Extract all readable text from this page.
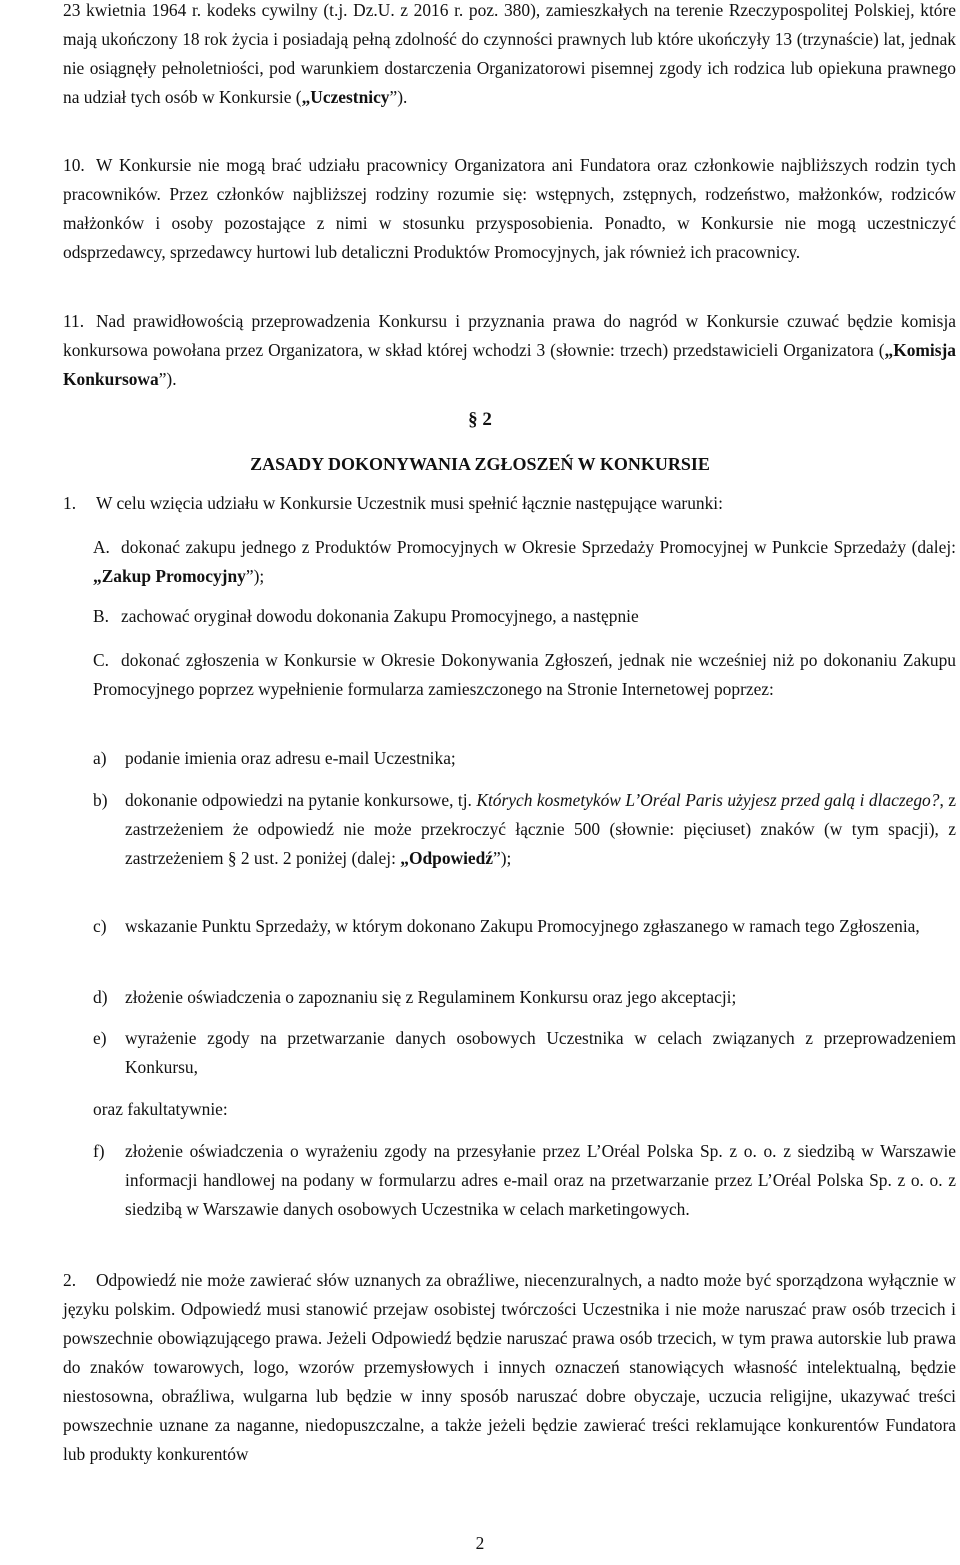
23 kwietnia 1964 r. kodeks cywilny (t.j. Dz.U. z 2016 r. poz. 380), zamieszkałych na terenie Rzeczypospolitej Polskiej, które mają ukończony 18 rok życia i posiadają pełną zdolność do czynności prawnych lub które ukończyły 13 (trzynaście) lat, jednak nie osiągnęły pełnoletniości, pod warunkiem dostarczenia Organizatorowi pisemnej zgody ich rodzica lub opiekuna prawnego na udział tych osób w Konkursie („Uczestnicy”).
10. W Konkursie nie mogą brać udziału pracownicy Organizatora ani Fundatora oraz członkowie najbliższych rodzin tych pracowników. Przez członków najbliższej rodziny rozumie się: wstępnych, zstępnych, rodzeństwo, małżonków, rodziców małżonków i osoby pozostające z nimi w stosunku przysposobienia. Ponadto, w Konkursie nie mogą uczestniczyć odsprzedawcy, sprzedawcy hurtowi lub detaliczni Produktów Promocyjnych, jak również ich pracownicy.
11. Nad prawidłowością przeprowadzenia Konkursu i przyznania prawa do nagród w Konkursie czuwać będzie komisja konkursowa powołana przez Organizatora, w skład której wchodzi 3 (słownie: trzech) przedstawicieli Organizatora („Komisja Konkursowa”).
§ 2
ZASADY DOKONYWANIA ZGŁOSZEŃ W KONKURSIE
1. W celu wzięcia udziału w Konkursie Uczestnik musi spełnić łącznie następujące warunki:
A. dokonać zakupu jednego z Produktów Promocyjnych w Okresie Sprzedaży Promocyjnej w Punkcie Sprzedaży (dalej: „Zakup Promocyjny”);
B. zachować oryginał dowodu dokonania Zakupu Promocyjnego, a następnie
C. dokonać zgłoszenia w Konkursie w Okresie Dokonywania Zgłoszeń, jednak nie wcześniej niż po dokonaniu Zakupu Promocyjnego poprzez wypełnienie formularza zamieszczonego na Stronie Internetowej poprzez:
a) podanie imienia oraz adresu e-mail Uczestnika;
b) dokonanie odpowiedzi na pytanie konkursowe, tj. Których kosmetyków L’Oréal Paris użyjesz przed galą i dlaczego?, z zastrzeżeniem że odpowiedź nie może przekroczyć łącznie 500 (słownie: pięciuset) znaków (w tym spacji), z zastrzeżeniem § 2 ust. 2 poniżej (dalej: „Odpowiedź”);
c) wskazanie Punktu Sprzedaży, w którym dokonano Zakupu Promocyjnego zgłaszanego w ramach tego Zgłoszenia,
d) złożenie oświadczenia o zapoznaniu się z Regulaminem Konkursu oraz jego akceptacji;
e) wyrażenie zgody na przetwarzanie danych osobowych Uczestnika w celach związanych z przeprowadzeniem Konkursu,
oraz fakultatywnie:
f) złożenie oświadczenia o wyrażeniu zgody na przesyłanie przez L’Oréal Polska Sp. z o. o. z siedzibą w Warszawie informacji handlowej na podany w formularzu adres e-mail oraz na przetwarzanie przez L’Oréal Polska Sp. z o. o. z siedzibą w Warszawie danych osobowych Uczestnika w celach marketingowych.
2.	Odpowiedź nie może zawierać słów uznanych za obraźliwe, niecenzuralnych, a nadto może być sporządzona wyłącznie w języku polskim. Odpowiedź musi stanowić przejaw osobistej twórczości Uczestnika i nie może naruszać praw osób trzecich i powszechnie obowiązującego prawa. Jeżeli Odpowiedź będzie naruszać prawa osób trzecich, w tym prawa autorskie lub prawa do znaków towarowych, logo, wzorów przemysłowych i innych oznaczeń stanowiących własność intelektualną, będzie niestosowna, obraźliwa, wulgarna lub będzie w inny sposób naruszać dobre obyczaje, uczucia religijne, ukazywać treści powszechnie uznane za naganne, niedopuszczalne, a także jeżeli będzie zawierać treści reklamujące konkurentów Fundatora lub produkty konkurentów
2
